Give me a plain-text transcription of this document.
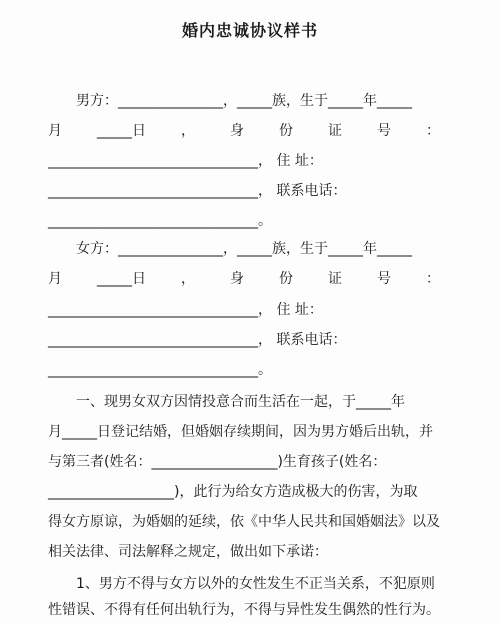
婚内忠诚协议样书
男方：_______________，_____族，生于_____年_____
月	_____日	，	身	份	证	号	：
______________________________， 住 址：
______________________________， 联系电话：
______________________________。
女方：_______________，_____族，生于_____年_____
月	_____日	，	身	份	证	号	：
______________________________， 住 址：
______________________________， 联系电话：
______________________________。
一、现男女双方因情投意合而生活在一起，于_____年
月_____日登记结婚，但婚姻存续期间，因为男方婚后出轨，并
与第三者(姓名：__________________)生育孩子(姓名：
__________________)，此行为给女方造成极大的伤害，为取
得女方原谅，为婚姻的延续，依《中华人民共和国婚姻法》以及
相关法律、司法解释之规定，做出如下承诺：
1、男方不得与女方以外的女性发生不正当关系，不犯原则
性错误、不得有任何出轨行为，不得与异性发生偶然的性行为。
